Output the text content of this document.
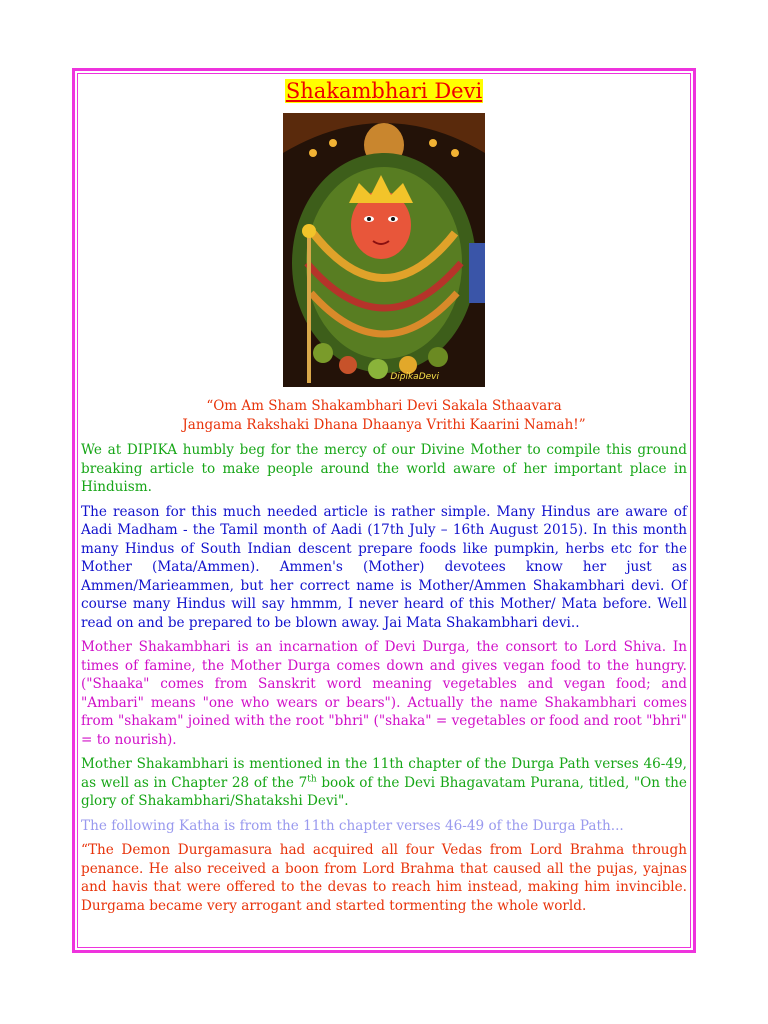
Shakambhari Devi
DipikaDevi
“Om Am Sham Shakambhari Devi Sakala Sthaavara
Jangama Rakshaki Dhana Dhaanya Vrithi Kaarini Namah!”

We at DIPIKA humbly beg for the mercy of our Divine Mother to compile this ground breaking article to make people around the world aware of her important place in Hinduism.

The reason for this much needed article is rather simple. Many Hindus are aware of Aadi Madham - the Tamil month of Aadi (17th July – 16th August 2015). In this month many Hindus of South Indian descent prepare foods like pumpkin, herbs etc for the Mother (Mata/Ammen). Ammen's (Mother) devotees know her just as Ammen/Marieammen, but her correct name is Mother/Ammen Shakambhari devi. Of course many Hindus will say hmmm, I never heard of this Mother/ Mata before. Well read on and be prepared to be blown away. Jai Mata Shakambhari devi..

Mother Shakambhari is an incarnation of Devi Durga, the consort to Lord Shiva. In times of famine, the Mother Durga comes down and gives vegan food to the hungry. ("Shaaka" comes from Sanskrit word meaning vegetables and vegan food; and "Ambari" means "one who wears or bears"). Actually the name Shakambhari comes from "shakam" joined with the root "bhri" ("shaka" = vegetables or food and root "bhri" = to nourish).

Mother Shakambhari is mentioned in the 11th chapter of the Durga Path verses 46-49, as well as in Chapter 28 of the 7th book of the Devi Bhagavatam Purana, titled, "On the glory of Shakambhari/Shatakshi Devi".

The following Katha is from the 11th chapter verses 46-49 of the Durga Path...

“The Demon Durgamasura had acquired all four Vedas from Lord Brahma through penance. He also received a boon from Lord Brahma that caused all the pujas, yajnas and havis that were offered to the devas to reach him instead, making him invincible. Durgama became very arrogant and started tormenting the whole world.
